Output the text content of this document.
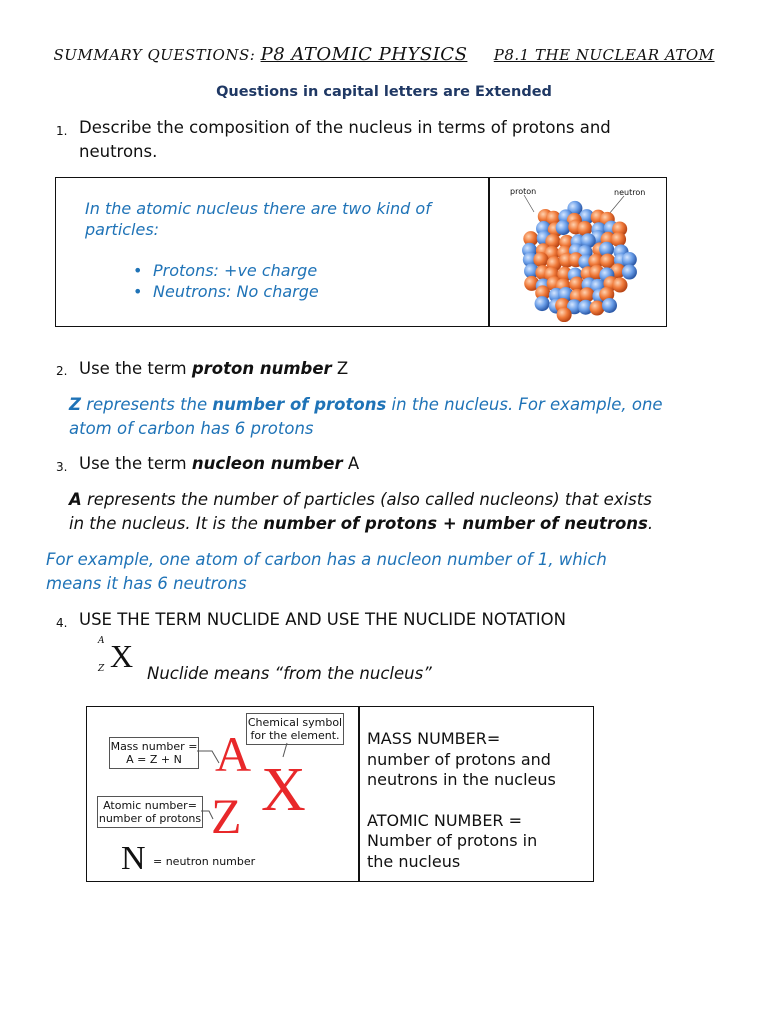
SUMMARY QUESTIONS: P8 ATOMIC PHYSICS P8.1 THE NUCLEAR ATOM
Questions in capital letters are Extended
1. Describe the composition of the nucleus in terms of protons and
neutrons.
In the atomic nucleus there are two kind of
particles:
• Protons: +ve charge
• Neutrons: No charge
proton	neutron
2. Use the term proton number Z
Z represents the number of protons in the nucleus. For example, one
atom of carbon has 6 protons
3. Use the term nucleon number A
A represents the number of particles (also called nucleons) that exists
in the nucleus. It is the number of protons + number of neutrons.
For example, one atom of carbon has a nucleon number of 1, which
means it has 6 neutrons
4. USE THE TERM NUCLIDE AND USE THE NUCLIDE NOTATION
A
Z X Nuclide means “from the nucleus”
Chemical symbol
for the element.
Mass number =
A = Z + N
Atomic number=
number of protons
A
X
Z
N = neutron number
MASS NUMBER=
number of protons and
neutrons in the nucleus
ATOMIC NUMBER =
Number of protons in
the nucleus
